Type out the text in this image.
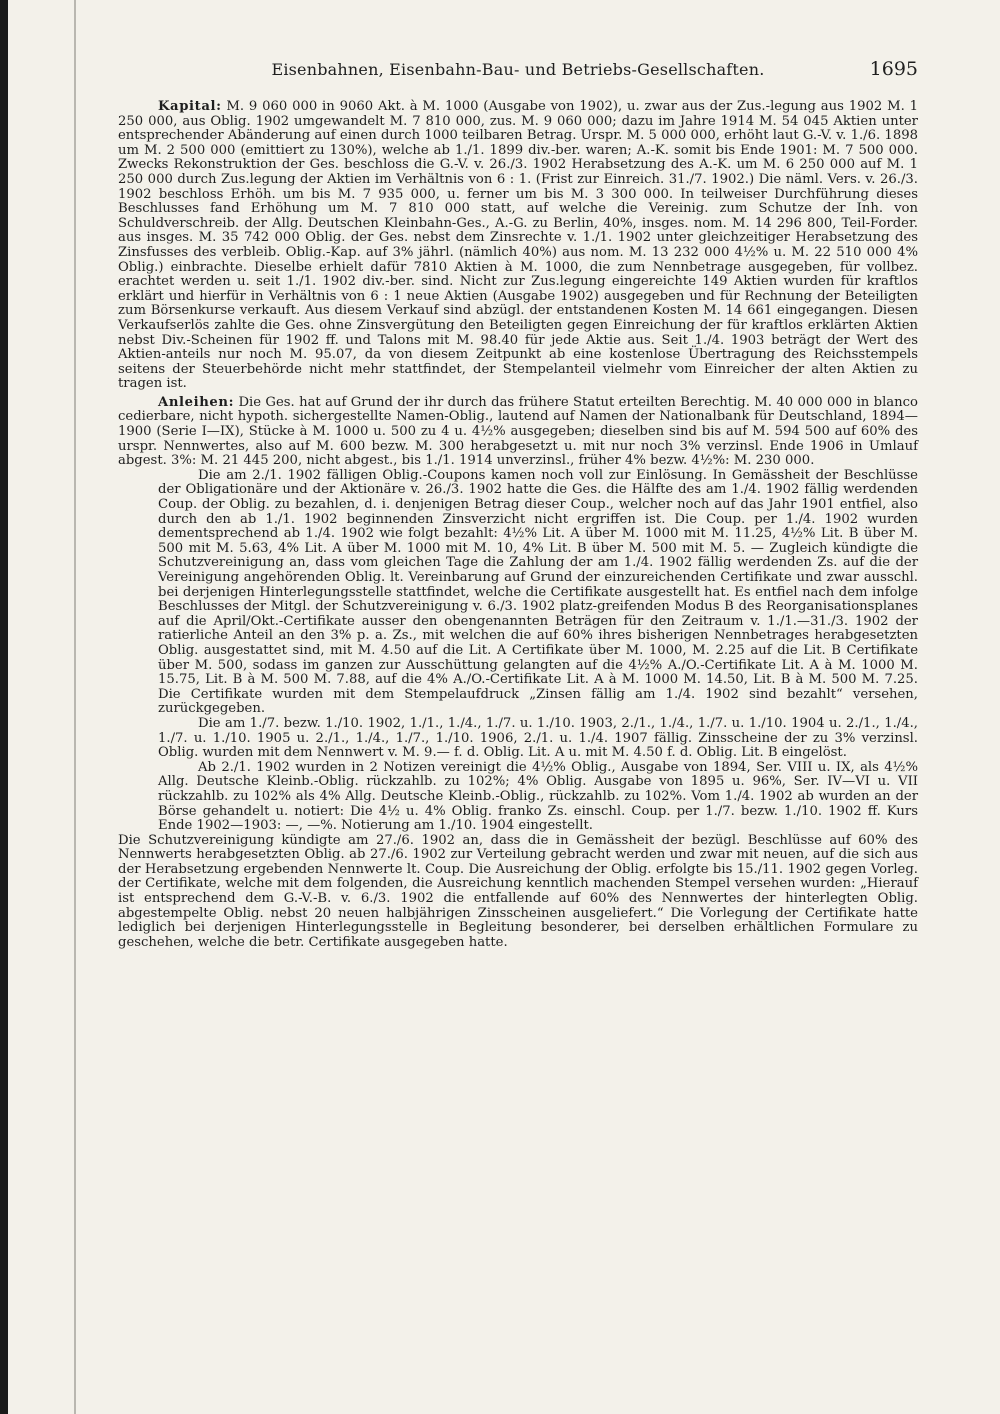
Eisenbahnen, Eisenbahn-Bau- und Betriebs-Gesellschaften.	1695

Kapital: M. 9 060 000 in 9060 Akt. à M. 1000 (Ausgabe von 1902), u. zwar aus der Zus.-legung aus 1902 M. 1 250 000, aus Oblig. 1902 umgewandelt M. 7 810 000, zus. M. 9 060 000; dazu im Jahre 1914 M. 54 045 Aktien unter entsprechender Abänderung auf einen durch 1000 teilbaren Betrag. Urspr. M. 5 000 000, erhöht laut G.-V. v. 1./6. 1898 um M. 2 500 000 (emittiert zu 130%), welche ab 1./1. 1899 div.-ber. waren; A.-K. somit bis Ende 1901: M. 7 500 000. Zwecks Rekonstruktion der Ges. beschloss die G.-V. v. 26./3. 1902 Herabsetzung des A.-K. um M. 6 250 000 auf M. 1 250 000 durch Zus.legung der Aktien im Verhältnis von 6 : 1. (Frist zur Einreich. 31./7. 1902.) Die näml. Vers. v. 26./3. 1902 beschloss Erhöh. um bis M. 7 935 000, u. ferner um bis M. 3 300 000. In teilweiser Durchführung dieses Beschlusses fand Erhöhung um M. 7 810 000 statt, auf welche die Vereinig. zum Schutze der Inh. von Schuldverschreib. der Allg. Deutschen Kleinbahn-Ges., A.-G. zu Berlin, 40%, insges. nom. M. 14 296 800, Teil-Forder. aus insges. M. 35 742 000 Oblig. der Ges. nebst dem Zinsrechte v. 1./1. 1902 unter gleichzeitiger Herabsetzung des Zinsfusses des verbleib. Oblig.-Kap. auf 3% jährl. (nämlich 40%) aus nom. M. 13 232 000 4½% u. M. 22 510 000 4% Oblig.) einbrachte. Dieselbe erhielt dafür 7810 Aktien à M. 1000, die zum Nennbetrage ausgegeben, für vollbez. erachtet werden u. seit 1./1. 1902 div.-ber. sind. Nicht zur Zus.legung eingereichte 149 Aktien wurden für kraftlos erklärt und hierfür in Verhältnis von 6 : 1 neue Aktien (Ausgabe 1902) ausgegeben und für Rechnung der Beteiligten zum Börsenkurse verkauft. Aus diesem Verkauf sind abzügl. der entstandenen Kosten M. 14 661 eingegangen. Diesen Verkaufserlös zahlte die Ges. ohne Zinsvergütung den Beteiligten gegen Einreichung der für kraftlos erklärten Aktien nebst Div.-Scheinen für 1902 ff. und Talons mit M. 98.40 für jede Aktie aus. Seit 1./4. 1903 beträgt der Wert des Aktien-anteils nur noch M. 95.07, da von diesem Zeitpunkt ab eine kostenlose Übertragung des Reichsstempels seitens der Steuerbehörde nicht mehr stattfindet, der Stempelanteil vielmehr vom Einreicher der alten Aktien zu tragen ist.

Anleihen: Die Ges. hat auf Grund der ihr durch das frühere Statut erteilten Berechtig. M. 40 000 000 in blanco cedierbare, nicht hypoth. sichergestellte Namen-Oblig., lautend auf Namen der Nationalbank für Deutschland, 1894—1900 (Serie I—IX), Stücke à M. 1000 u. 500 zu 4 u. 4½% ausgegeben; dieselben sind bis auf M. 594 500 auf 60% des urspr. Nennwertes, also auf M. 600 bezw. M. 300 herabgesetzt u. mit nur noch 3% verzinsl. Ende 1906 in Umlauf abgest. 3%: M. 21 445 200, nicht abgest., bis 1./1. 1914 unverzinsl., früher 4% bezw. 4½%: M. 230 000.

Die am 2./1. 1902 fälligen Oblig.-Coupons kamen noch voll zur Einlösung. In Gemässheit der Beschlüsse der Obligationäre und der Aktionäre v. 26./3. 1902 hatte die Ges. die Hälfte des am 1./4. 1902 fällig werdenden Coup. der Oblig. zu bezahlen, d. i. denjenigen Betrag dieser Coup., welcher noch auf das Jahr 1901 entfiel, also durch den ab 1./1. 1902 beginnenden Zinsverzicht nicht ergriffen ist. Die Coup. per 1./4. 1902 wurden dementsprechend ab 1./4. 1902 wie folgt bezahlt: 4½% Lit. A über M. 1000 mit M. 11.25, 4½% Lit. B über M. 500 mit M. 5.63, 4% Lit. A über M. 1000 mit M. 10, 4% Lit. B über M. 500 mit M. 5. — Zugleich kündigte die Schutzvereinigung an, dass vom gleichen Tage die Zahlung der am 1./4. 1902 fällig werdenden Zs. auf die der Vereinigung angehörenden Oblig. lt. Vereinbarung auf Grund der einzureichenden Certifikate und zwar ausschl. bei derjenigen Hinterlegungsstelle stattfindet, welche die Certifikate ausgestellt hat. Es entfiel nach dem infolge Beschlusses der Mitgl. der Schutzvereinigung v. 6./3. 1902 platz-greifenden Modus B des Reorganisationsplanes auf die April/Okt.-Certifikate ausser den obengenannten Beträgen für den Zeitraum v. 1./1.—31./3. 1902 der ratierliche Anteil an den 3% p. a. Zs., mit welchen die auf 60% ihres bisherigen Nennbetrages herabgesetzten Oblig. ausgestattet sind, mit M. 4.50 auf die Lit. A Certifikate über M. 1000, M. 2.25 auf die Lit. B Certifikate über M. 500, sodass im ganzen zur Ausschüttung gelangten auf die 4½% A./O.-Certifikate Lit. A à M. 1000 M. 15.75, Lit. B à M. 500 M. 7.88, auf die 4% A./O.-Certifikate Lit. A à M. 1000 M. 14.50, Lit. B à M. 500 M. 7.25. Die Certifikate wurden mit dem Stempelaufdruck „Zinsen fällig am 1./4. 1902 sind bezahlt“ versehen, zurückgegeben.

Die am 1./7. bezw. 1./10. 1902, 1./1., 1./4., 1./7. u. 1./10. 1903, 2./1., 1./4., 1./7. u. 1./10. 1904 u. 2./1., 1./4., 1./7. u. 1./10. 1905 u. 2./1., 1./4., 1./7., 1./10. 1906, 2./1. u. 1./4. 1907 fällig. Zinsscheine der zu 3% verzinsl. Oblig. wurden mit dem Nennwert v. M. 9.— f. d. Oblig. Lit. A u. mit M. 4.50 f. d. Oblig. Lit. B eingelöst.

Ab 2./1. 1902 wurden in 2 Notizen vereinigt die 4½% Oblig., Ausgabe von 1894, Ser. VIII u. IX, als 4½% Allg. Deutsche Kleinb.-Oblig. rückzahlb. zu 102%; 4% Oblig. Ausgabe von 1895 u. 96%, Ser. IV—VI u. VII rückzahlb. zu 102% als 4% Allg. Deutsche Kleinb.-Oblig., rückzahlb. zu 102%. Vom 1./4. 1902 ab wurden an der Börse gehandelt u. notiert: Die 4½ u. 4% Oblig. franko Zs. einschl. Coup. per 1./7. bezw. 1./10. 1902 ff. Kurs Ende 1902—1903: —, —%. Notierung am 1./10. 1904 eingestellt.

Die Schutzvereinigung kündigte am 27./6. 1902 an, dass die in Gemässheit der bezügl. Beschlüsse auf 60% des Nennwerts herabgesetzten Oblig. ab 27./6. 1902 zur Verteilung gebracht werden und zwar mit neuen, auf die sich aus der Herabsetzung ergebenden Nennwerte lt. Coup. Die Ausreichung der Oblig. erfolgte bis 15./11. 1902 gegen Vorleg. der Certifikate, welche mit dem folgenden, die Ausreichung kenntlich machenden Stempel versehen wurden: „Hierauf ist entsprechend dem G.-V.-B. v. 6./3. 1902 die entfallende auf 60% des Nennwertes der hinterlegten Oblig. abgestempelte Oblig. nebst 20 neuen halbjährigen Zinsscheinen ausgeliefert.“ Die Vorlegung der Certifikate hatte lediglich bei derjenigen Hinterlegungsstelle in Begleitung besonderer, bei derselben erhältlichen Formulare zu geschehen, welche die betr. Certifikate ausgegeben hatte.
